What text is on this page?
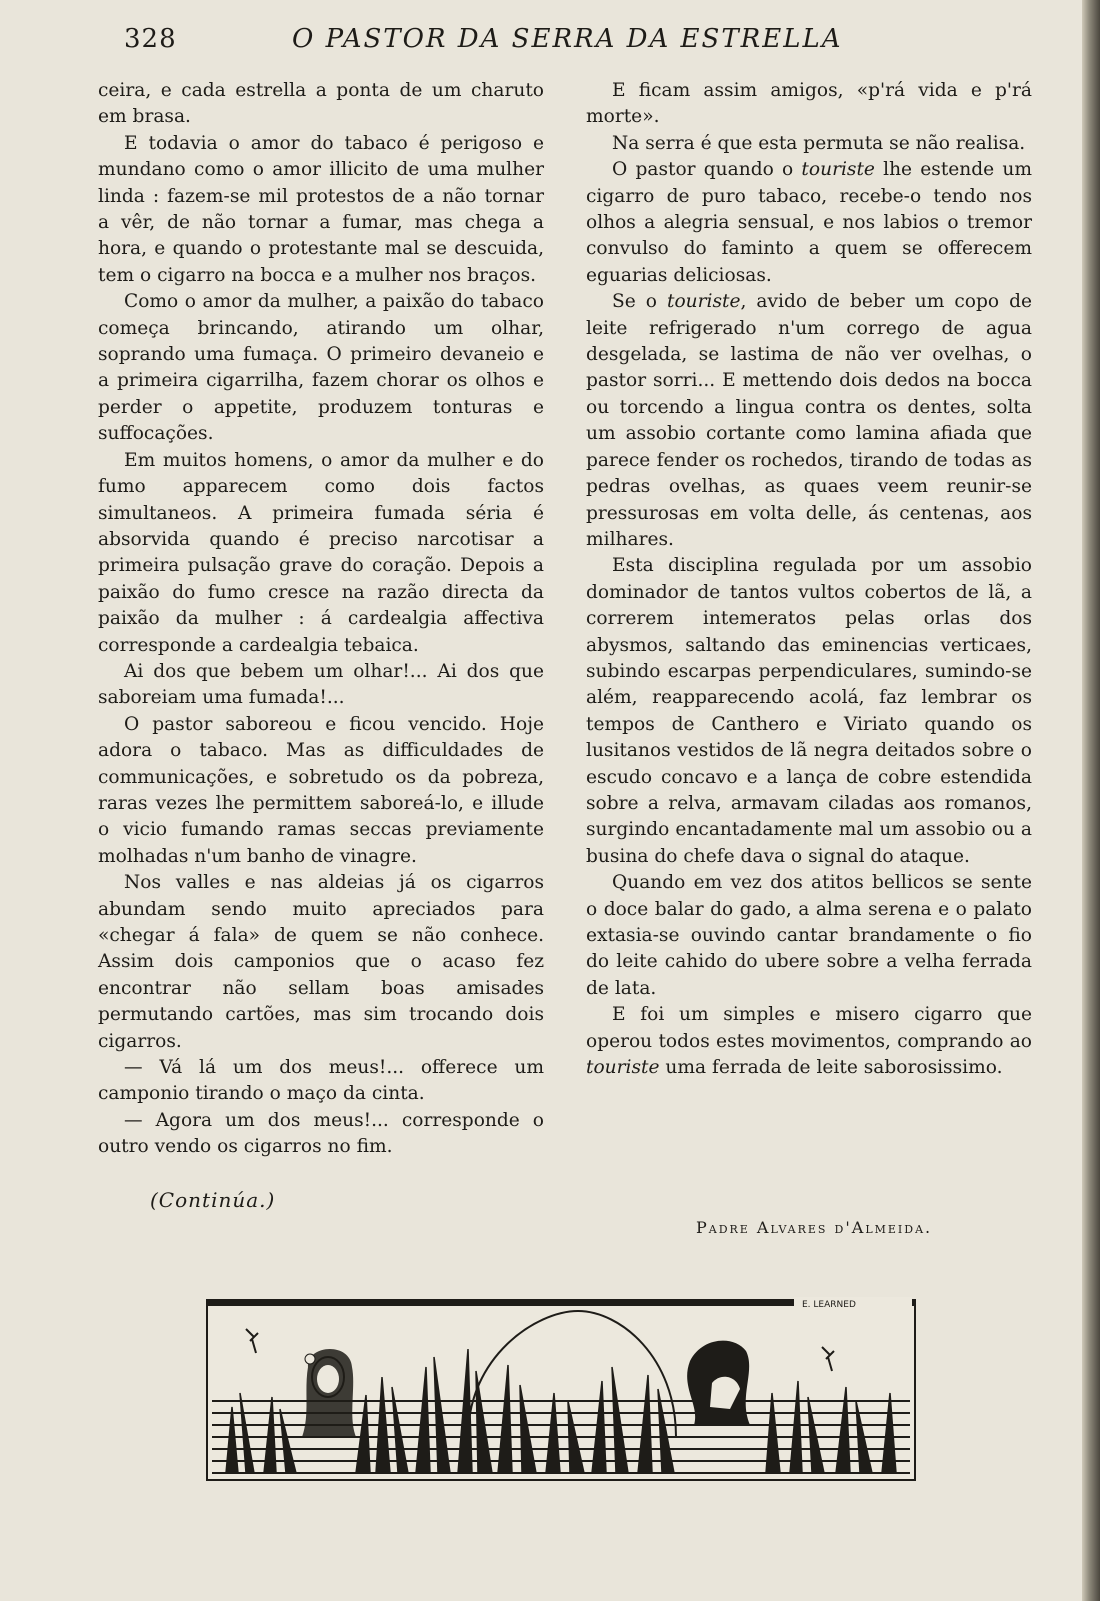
328	O PASTOR DA SERRA DA ESTRELLA

ceira, e cada estrella a ponta de um charuto em brasa.

E todavia o amor do tabaco é perigoso e mundano como o amor illicito de uma mulher linda : fazem-se mil protestos de a não tornar a vêr, de não tornar a fumar, mas chega a hora, e quando o protestante mal se descuida, tem o cigarro na bocca e a mulher nos braços.

Como o amor da mulher, a paixão do tabaco começa brincando, atirando um olhar, soprando uma fumaça. O primeiro devaneio e a primeira cigarrilha, fazem chorar os olhos e perder o appetite, produzem tonturas e suffocações.

Em muitos homens, o amor da mulher e do fumo apparecem como dois factos simultaneos. A primeira fumada séria é absorvida quando é preciso narcotisar a primeira pulsação grave do coração. Depois a paixão do fumo cresce na razão directa da paixão da mulher : á cardealgia affectiva corresponde a cardealgia tebaica.

Ai dos que bebem um olhar!... Ai dos que saboreiam uma fumada!...

O pastor saboreou e ficou vencido. Hoje adora o tabaco. Mas as difficuldades de communicações, e sobretudo os da pobreza, raras vezes lhe permittem saboreá-lo, e illude o vicio fumando ramas seccas previamente molhadas n'um banho de vinagre.

Nos valles e nas aldeias já os cigarros abundam sendo muito apreciados para «chegar á fala» de quem se não conhece. Assim dois camponios que o acaso fez encontrar não sellam boas amisades permutando cartões, mas sim trocando dois cigarros.

— Vá lá um dos meus!... offerece um camponio tirando o maço da cinta.

— Agora um dos meus!... corresponde o outro vendo os cigarros no fim.

E ficam assim amigos, «p'rá vida e p'rá morte».

Na serra é que esta permuta se não realisa.

O pastor quando o touriste lhe estende um cigarro de puro tabaco, recebe-o tendo nos olhos a alegria sensual, e nos labios o tremor convulso do faminto a quem se offerecem eguarias deliciosas.

Se o touriste, avido de beber um copo de leite refrigerado n'um corrego de agua desgelada, se lastima de não ver ovelhas, o pastor sorri... E mettendo dois dedos na bocca ou torcendo a lingua contra os dentes, solta um assobio cortante como lamina afiada que parece fender os rochedos, tirando de todas as pedras ovelhas, as quaes veem reunir-se pressurosas em volta delle, ás centenas, aos milhares.

Esta disciplina regulada por um assobio dominador de tantos vultos cobertos de lã, a correrem intemeratos pelas orlas dos abysmos, saltando das eminencias verticaes, subindo escarpas perpendiculares, sumindo-se além, reapparecendo acolá, faz lembrar os tempos de Canthero e Viriato quando os lusitanos vestidos de lã negra deitados sobre o escudo concavo e a lança de cobre estendida sobre a relva, armavam ciladas aos romanos, surgindo encantadamente mal um assobio ou a busina do chefe dava o signal do ataque.

Quando em vez dos atitos bellicos se sente o doce balar do gado, a alma serena e o palato extasia-se ouvindo cantar brandamente o fio do leite cahido do ubere sobre a velha ferrada de lata.

E foi um simples e misero cigarro que operou todos estes movimentos, comprando ao touriste uma ferrada de leite saborosissimo.

(Continúa.)
Padre Alvares d'Almeida.
E. LEARNED
